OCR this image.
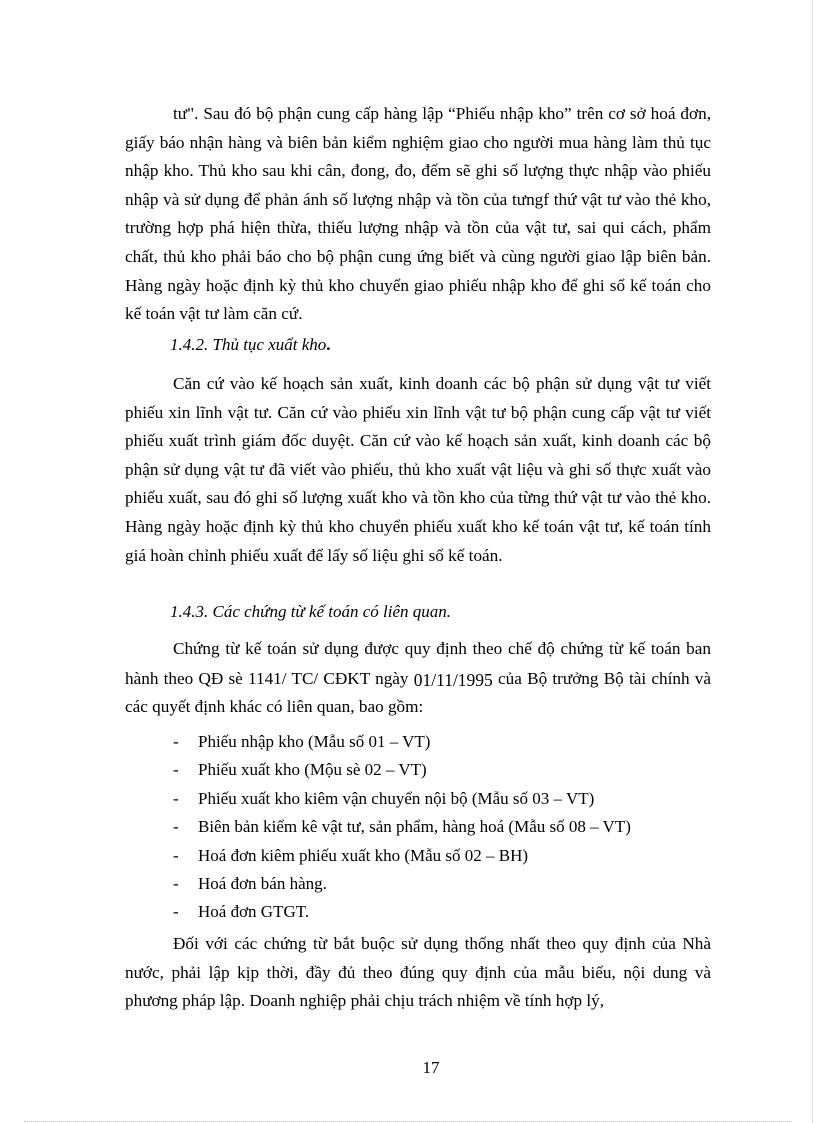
tư". Sau đó bộ phận cung cấp hàng lập “Phiếu nhập kho” trên cơ sở hoá đơn, giấy báo nhận hàng và biên bản kiểm nghiệm giao cho người mua hàng làm thủ tục nhập kho. Thủ kho sau khi cân, đong, đo, đếm sẽ ghi số lượng thực nhập vào phiếu nhập và sử dụng để phản ánh số lượng nhập và tồn của tưngf thứ vật tư vào thẻ kho, trường hợp phá hiện thừa, thiếu lượng nhập và tồn của vật tư, sai qui cách, phẩm chất, thủ kho phải báo cho bộ phận cung ứng biết và cùng người giao lập biên bản. Hàng ngày hoặc định kỳ thủ kho chuyển giao phiếu nhập kho để ghi sổ kế toán cho kế toán vật tư làm căn cứ.

1.4.2. Thủ tục xuất kho.

Căn cứ vào kế hoạch sản xuất, kinh doanh các bộ phận sử dụng vật tư viết phiếu xin lĩnh vật tư. Căn cứ vào phiếu xin lĩnh vật tư bộ phận cung cấp vật tư viết phiếu xuất trình giám đốc duyệt. Căn cứ vào kế hoạch sản xuất, kinh doanh các bộ phận sử dụng vật tư đã viết vào phiếu, thủ kho xuất vật liệu và ghi số thực xuất vào phiếu xuất, sau đó ghi số lượng xuất kho và tồn kho của từng thứ vật tư vào thẻ kho. Hàng ngày hoặc định kỳ thủ kho chuyển phiếu xuất kho kế toán vật tư, kế toán tính giá hoàn chỉnh phiếu xuất để lấy số liệu ghi sổ kế toán.

1.4.3. Các chứng từ kế toán có liên quan.

Chứng từ kế toán sử dụng được quy định theo chế độ chứng từ kế toán ban hành theo QĐ sè 1141/ TC/ CĐKT ngày 01/11/1995 của Bộ trưởng Bộ tài chính và các quyết định khác có liên quan, bao gồm:

- Phiếu nhập kho (Mẫu số 01 – VT)
- Phiếu xuất kho (Mộu sè 02 – VT)
- Phiếu xuất kho kiêm vận chuyển nội bộ (Mẫu số 03 – VT)
- Biên bản kiểm kê vật tư, sản phẩm, hàng hoá (Mẫu số 08 – VT)
- Hoá đơn kiêm phiếu xuất kho (Mẫu số 02 – BH)
- Hoá đơn bán hàng.
- Hoá đơn GTGT.

Đối với các chứng từ bắt buộc sử dụng thống nhất theo quy định của Nhà nước, phải lập kịp thời, đầy đủ theo đúng quy định của mẫu biểu, nội dung và phương pháp lập. Doanh nghiệp phải chịu trách nhiệm về tính hợp lý,

17
